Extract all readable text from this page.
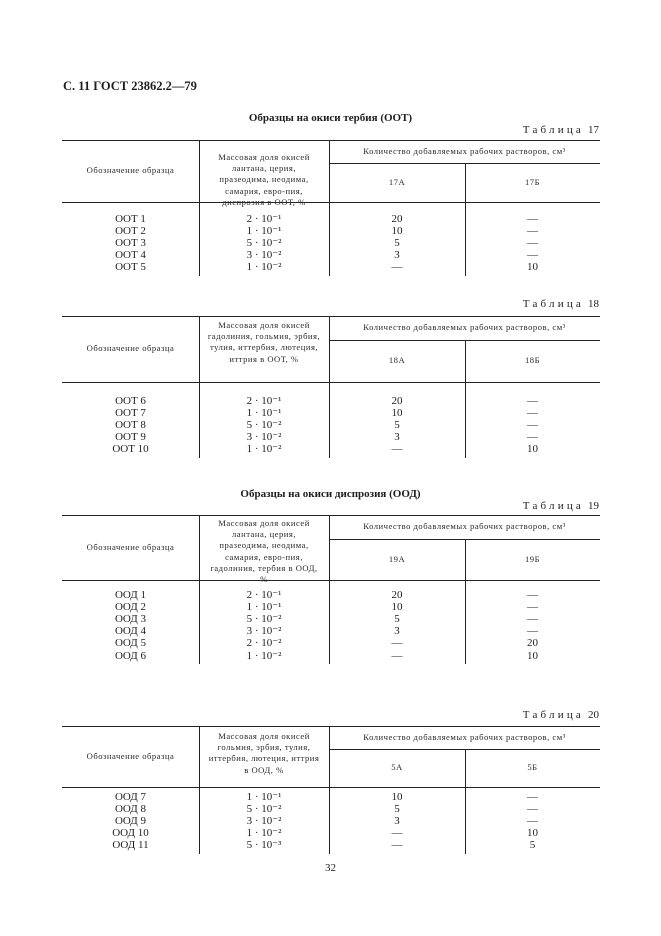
С. 11 ГОСТ 23862.2—79
Образцы на окиси тербия (ООТ)
Таблица 17
Обозначение образца
Массовая доля окисей лантана, церия, празеодима, неодима, самария, евро-пия, диспрозия в ООТ, %
Количество добавляемых рабочих растворов, см³
17А	17Б
ООТ 1	2 · 10⁻¹	20	—
ООТ 2	1 · 10⁻¹	10	—
ООТ 3	5 · 10⁻²	5	—
ООТ 4	3 · 10⁻²	3	—
ООТ 5	1 · 10⁻²	—	10
Таблица 18
Обозначение образца
Массовая доля окисей гадолиния, гольмия, эрбия, тулия, иттербия, лютеция, иттрия в ООТ, %
Количество добавляемых рабочих растворов, см³
18А	18Б
ООТ 6	2 · 10⁻¹	20	—
ООТ 7	1 · 10⁻¹	10	—
ООТ 8	5 · 10⁻²	5	—
ООТ 9	3 · 10⁻²	3	—
ООТ 10	1 · 10⁻²	—	10
Образцы на окиси диспрозия (ООД)
Таблица 19
Обозначение образца
Массовая доля окисей лантана, церия, празеодима, неодима, самария, евро-пия, гадолиния, тербия в ООД, %
Количество добавляемых рабочих растворов, см³
19А	19Б
ООД 1	2 · 10⁻¹	20	—
ООД 2	1 · 10⁻¹	10	—
ООД 3	5 · 10⁻²	5	—
ООД 4	3 · 10⁻²	3	—
ООД 5	2 · 10⁻²	—	20
ООД 6	1 · 10⁻²	—	10
Таблица 20
Обозначение образца
Массовая доля окисей гольмия, эрбия, тулия, иттербия, лютеция, иттрия в ООД, %
Количество добавляемых рабочих растворов, см³
5А	5Б
ООД 7	1 · 10⁻¹	10	—
ООД 8	5 · 10⁻²	5	—
ООД 9	3 · 10⁻²	3	—
ООД 10	1 · 10⁻²	—	10
ООД 11	5 · 10⁻³	—	5
32
